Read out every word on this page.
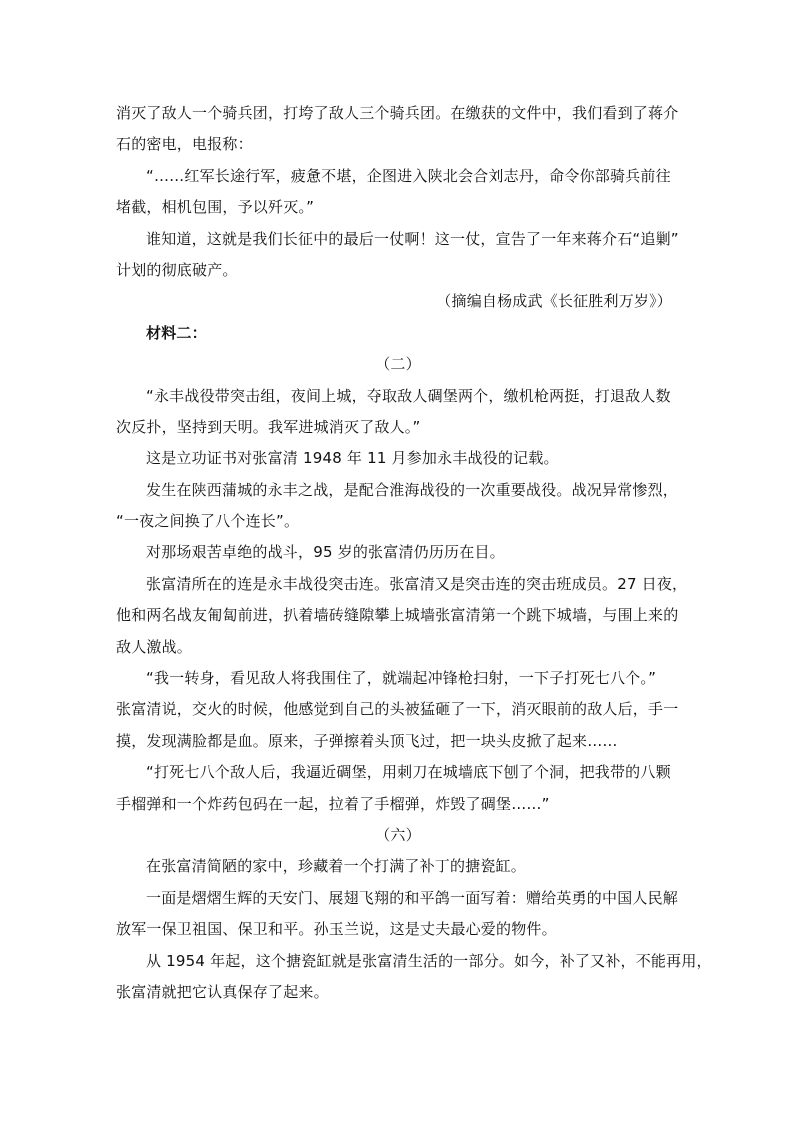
消灭了敌人一个骑兵团，打垮了敌人三个骑兵团。在缴获的文件中，我们看到了蒋介
石的密电，电报称：
“……红军长途行军，疲惫不堪，企图进入陕北会合刘志丹，命令你部骑兵前往
堵截，相机包围，予以歼灭。”
谁知道，这就是我们长征中的最后一仗啊！这一仗，宣告了一年来蒋介石“追剿”
计划的彻底破产。
（摘编自杨成武《长征胜利万岁》）
材料二：
（二）
“永丰战役带突击组，夜间上城，夺取敌人碉堡两个，缴机枪两挺，打退敌人数
次反扑，坚持到天明。我军进城消灭了敌人。”
这是立功证书对张富清 1948 年 11 月参加永丰战役的记载。
发生在陕西蒲城的永丰之战，是配合淮海战役的一次重要战役。战况异常惨烈，
“一夜之间换了八个连长”。
对那场艰苦卓绝的战斗，95 岁的张富清仍历历在目。
张富清所在的连是永丰战役突击连。张富清又是突击连的突击班成员。27 日夜，
他和两名战友匍匐前进，扒着墙砖缝隙攀上城墙张富清第一个跳下城墙，与围上来的
敌人激战。
“我一转身，看见敌人将我围住了，就端起冲锋枪扫射，一下子打死七八个。”
张富清说，交火的时候，他感觉到自己的头被猛砸了一下，消灭眼前的敌人后，手一
摸，发现满脸都是血。原来，子弹擦着头顶飞过，把一块头皮掀了起来……
“打死七八个敌人后，我逼近碉堡，用刺刀在城墙底下刨了个洞，把我带的八颗
手榴弹和一个炸药包码在一起，拉着了手榴弹，炸毁了碉堡……”
（六）
在张富清简陋的家中，珍藏着一个打满了补丁的搪瓷缸。
一面是熠熠生辉的天安门、展翅飞翔的和平鸽一面写着：赠给英勇的中国人民解
放军一保卫祖国、保卫和平。孙玉兰说，这是丈夫最心爱的物件。
从 1954 年起，这个搪瓷缸就是张富清生活的一部分。如今，补了又补，不能再用，
张富清就把它认真保存了起来。
